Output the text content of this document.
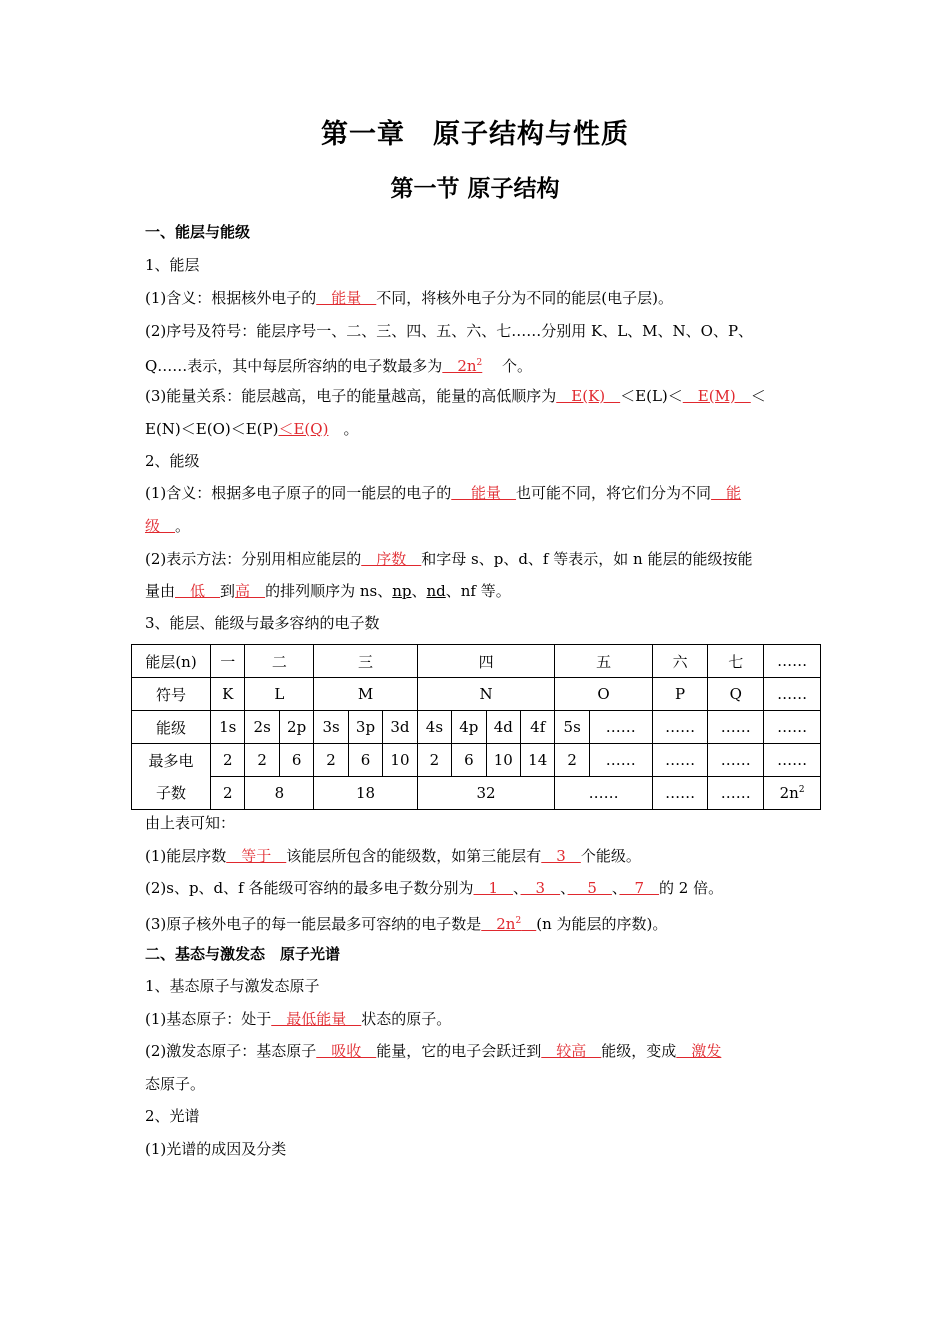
第一章　原子结构与性质
第一节 原子结构
一、能层与能级
1、能层
(1)含义：根据核外电子的　能量　不同，将核外电子分为不同的能层(电子层)。
(2)序号及符号：能层序号一、二、三、四、五、六、七……分别用 K、L、M、N、O、P、
Q……表示，其中每层所容纳的电子数最多为　$2n^2$　 个。
(3)能量关系：能层越高，电子的能量越高，能量的高低顺序为　E(K)　＜E(L)＜　E(M)　＜
E(N)＜E(O)＜E(P)＜E(Q)　。
2、能级
(1)含义：根据多电子原子的同一能层的电子的　 能量　也可能不同，将它们分为不同　能
级　。
(2)表示方法：分别用相应能层的　序数　和字母 s、p、d、f 等表示，如 n 能层的能级按能
量由　低　到高　的排列顺序为 ns、np、nd、nf 等。
3、能层、能级与最多容纳的电子数
能层(n)	一	二		三			四				五		六	七	……
符号	K	L		M			N				O		P	Q	……
能级	1s	2s	2p	3s	3p	3d	4s	4p	4d	4f	5s	……	……	……	……
最多电	2	2	6	2	6	10	2	6	10	14	2	……	……	……	……
子数	2	8		18			32				……		……	……	$2n^2$
由上表可知：
(1)能层序数　等于　该能层所包含的能级数，如第三能层有　3　个能级。
(2)s、p、d、f 各能级可容纳的最多电子数分别为　1　、　3　、　 5　、　7　的 2 倍。
(3)原子核外电子的每一能层最多可容纳的电子数是　$2n^2$　 (n 为能层的序数)。
二、基态与激发态　原子光谱
1、基态原子与激发态原子
(1)基态原子：处于　最低能量　状态的原子。
(2)激发态原子：基态原子　吸收　能量，它的电子会跃迁到　较高　能级，变成　激发
态原子。
2、光谱
(1)光谱的成因及分类
